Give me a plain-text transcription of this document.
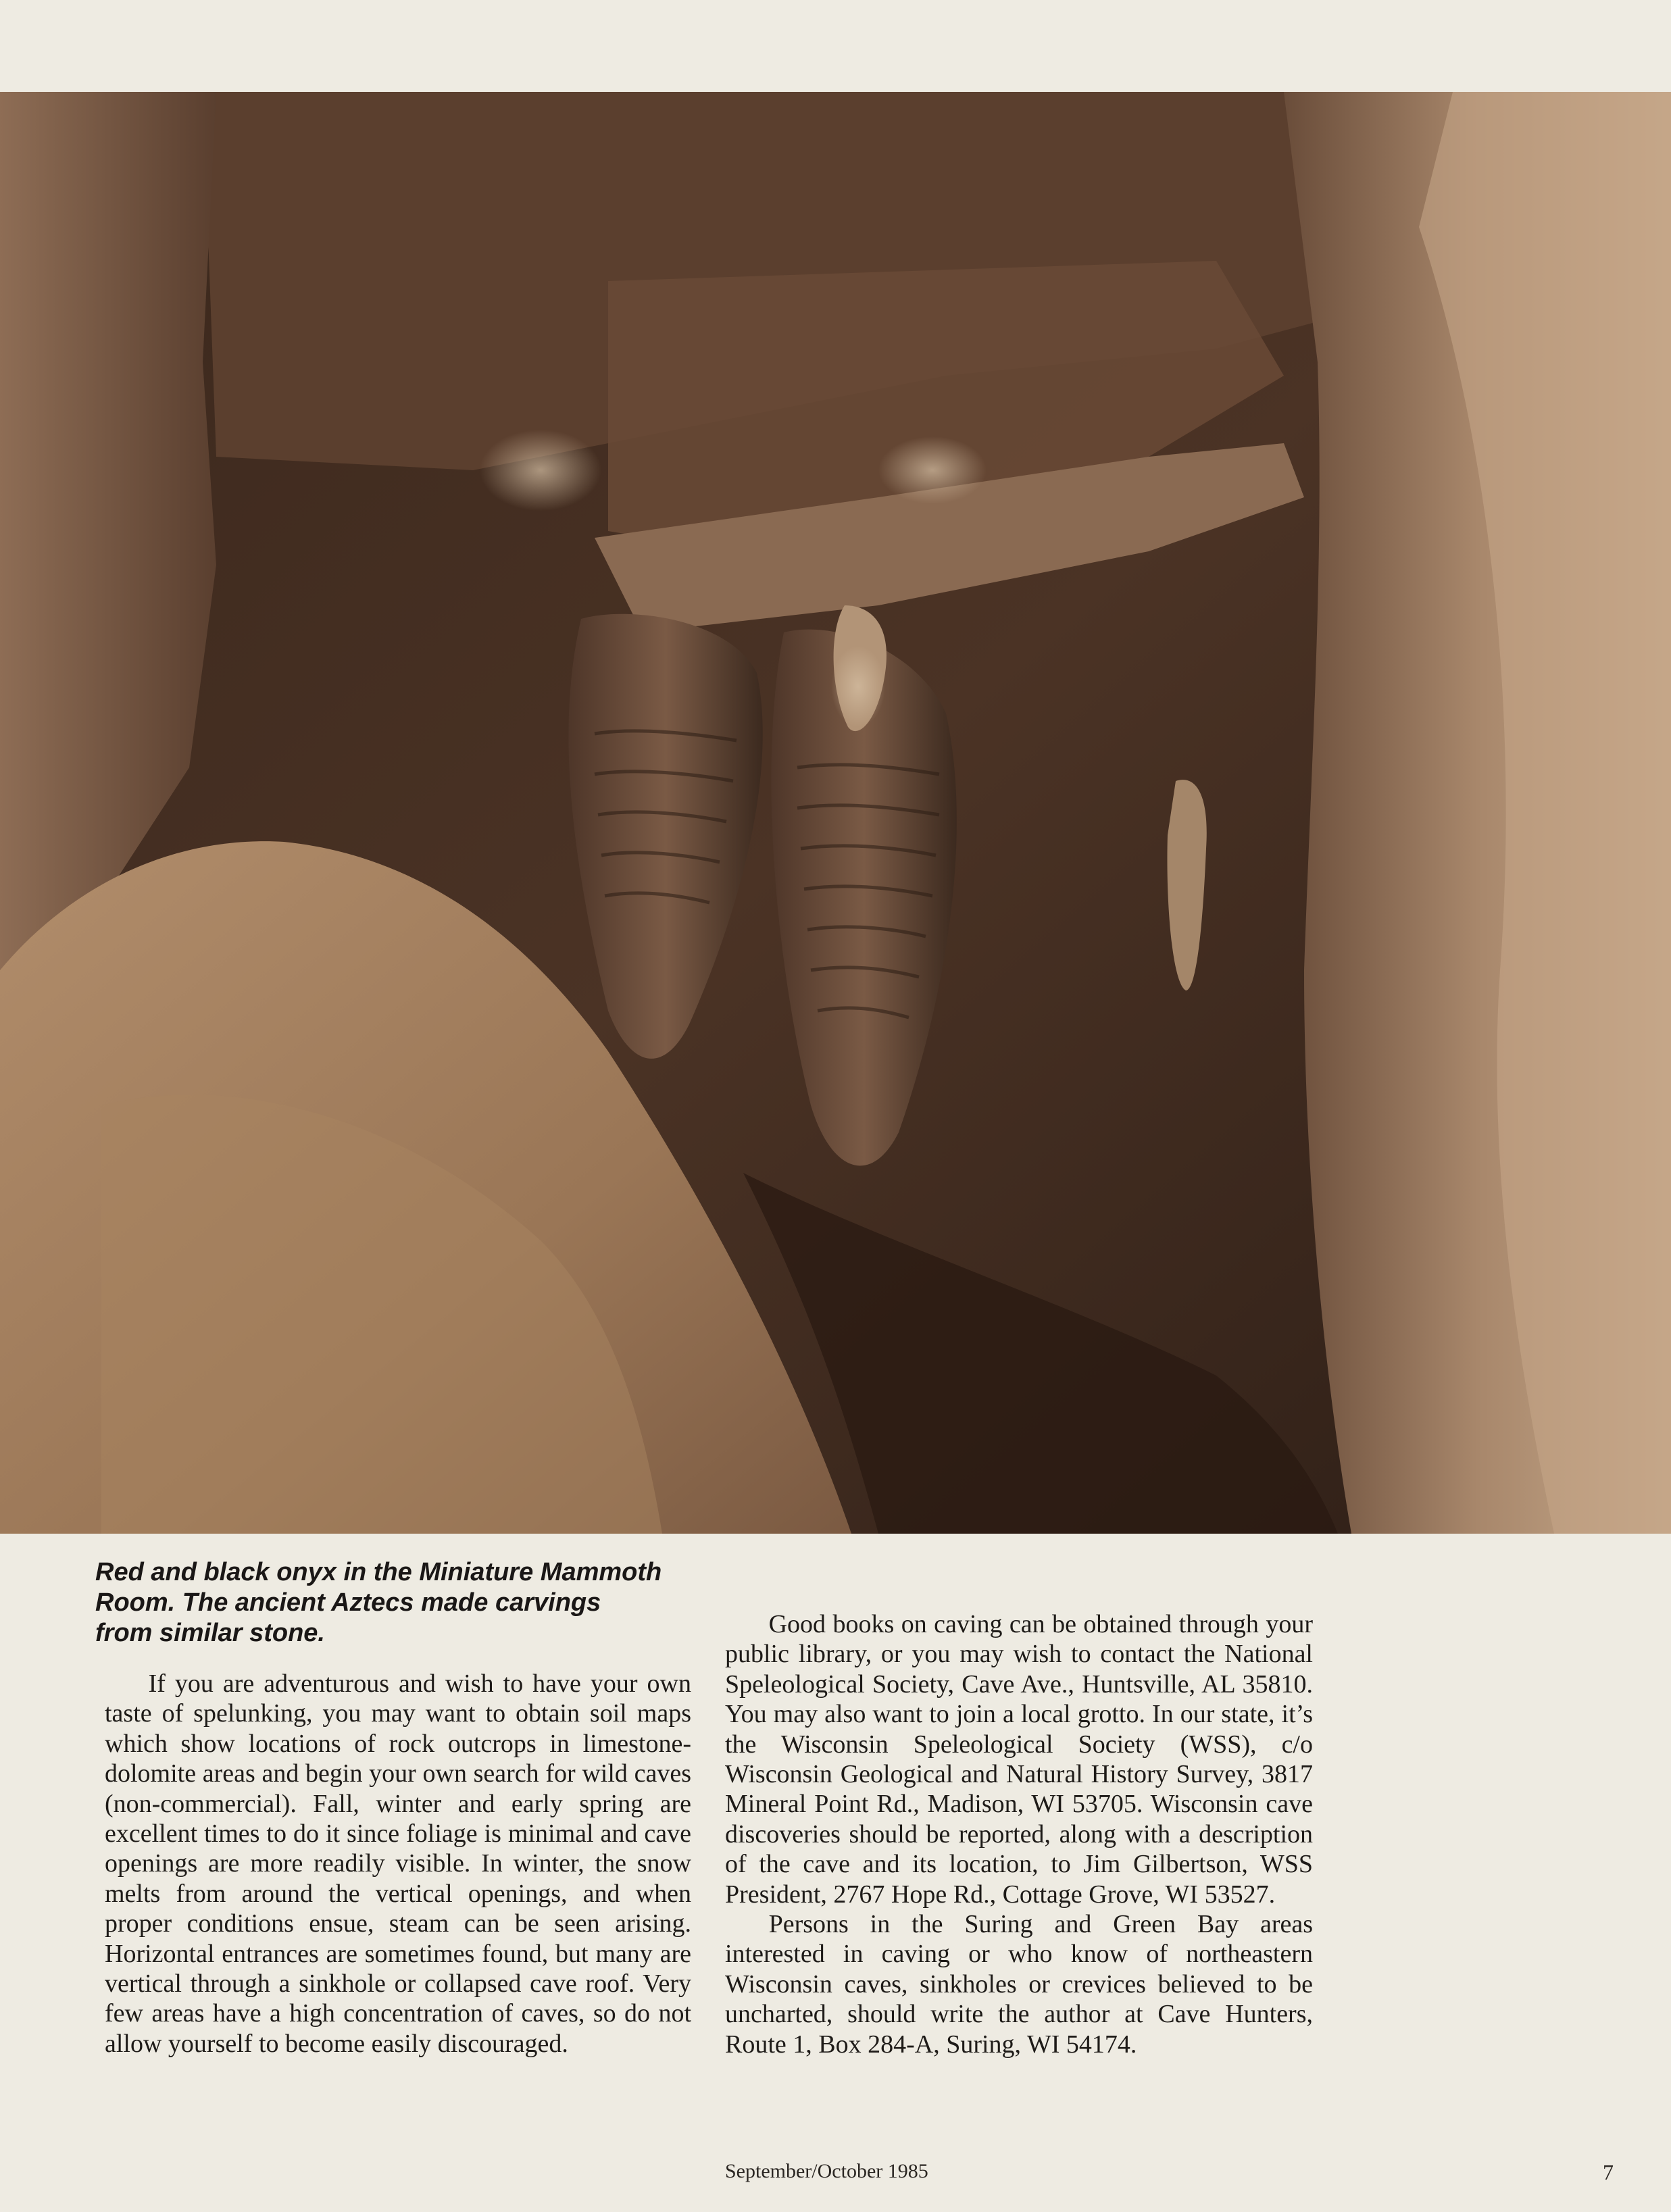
Red and black onyx in the Miniature Mammoth Room. The ancient Aztecs made carvings from similar stone.

If you are adventurous and wish to have your own taste of spelunking, you may want to obtain soil maps which show locations of rock outcrops in limestone-dolomite areas and begin your own search for wild caves (non-commercial). Fall, winter and early spring are excellent times to do it since foliage is minimal and cave openings are more readily visible. In winter, the snow melts from around the vertical openings, and when proper conditions ensue, steam can be seen arising. Horizontal entrances are sometimes found, but many are vertical through a sinkhole or collapsed cave roof. Very few areas have a high concentration of caves, so do not allow yourself to become easily discouraged.

Good books on caving can be obtained through your public library, or you may wish to contact the National Speleological Society, Cave Ave., Huntsville, AL 35810. You may also want to join a local grotto. In our state, it’s the Wisconsin Speleological Society (WSS), c/o Wisconsin Geological and Natural History Survey, 3817 Mineral Point Rd., Madison, WI 53705. Wisconsin cave discoveries should be reported, along with a description of the cave and its location, to Jim Gilbertson, WSS President, 2767 Hope Rd., Cottage Grove, WI 53527.

Persons in the Suring and Green Bay areas interested in caving or who know of northeastern Wisconsin caves, sinkholes or crevices believed to be uncharted, should write the author at Cave Hunters, Route 1, Box 284-A, Suring, WI 54174.

September/October 1985	7
